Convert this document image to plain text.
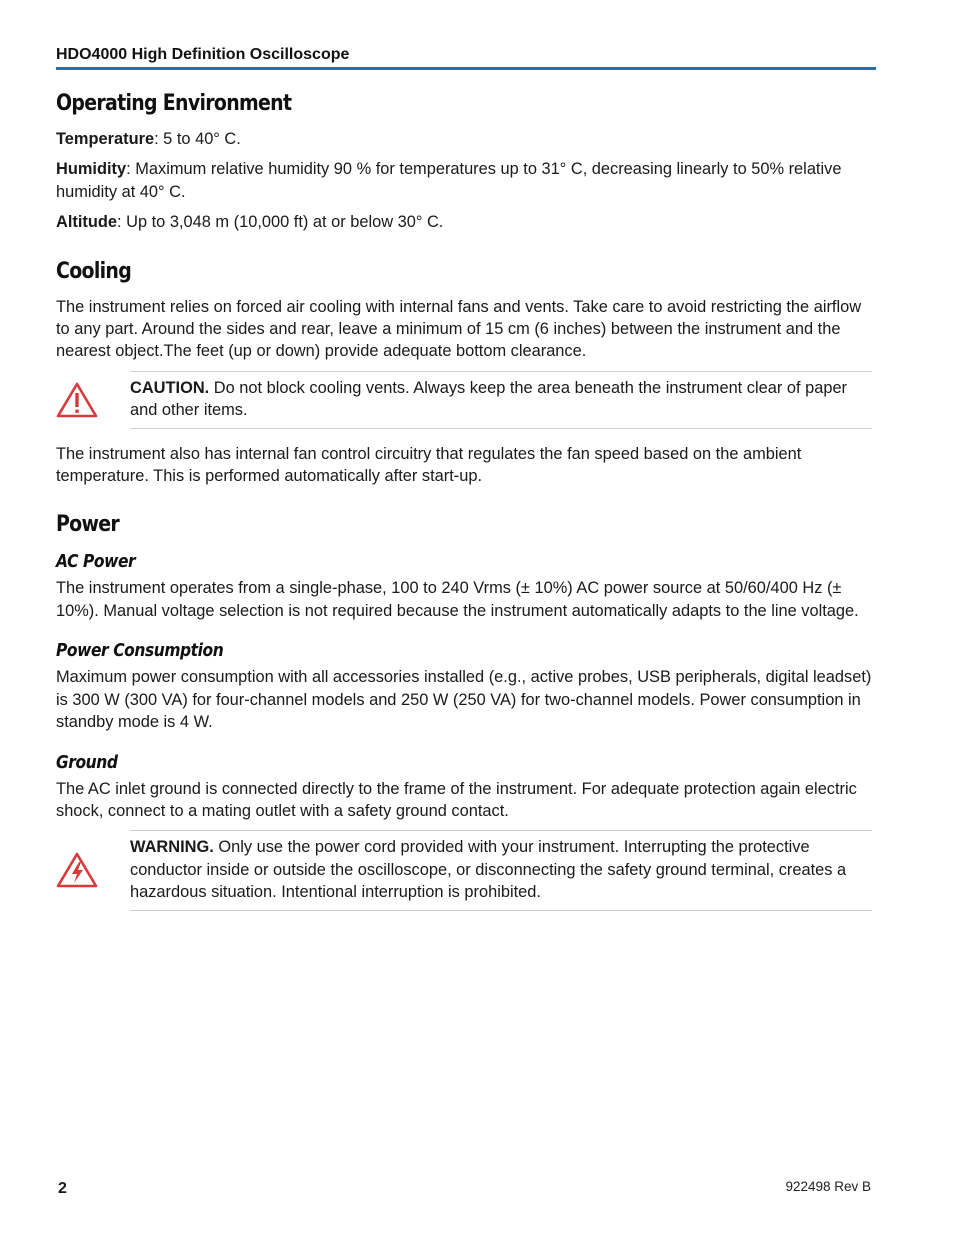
HDO4000 High Definition Oscilloscope
Operating Environment

Temperature: 5 to 40° C.

Humidity: Maximum relative humidity 90 % for temperatures up to 31° C, decreasing linearly to 50% relative humidity at 40° C.

Altitude: Up to 3,048 m (10,000 ft) at or below 30° C.

Cooling

The instrument relies on forced air cooling with internal fans and vents. Take care to avoid restricting the airflow to any part. Around the sides and rear, leave a minimum of 15 cm (6 inches) between the instrument and the nearest object.The feet (up or down) provide adequate bottom clearance.

CAUTION. Do not block cooling vents. Always keep the area beneath the instrument clear of paper and other items.

The instrument also has internal fan control circuitry that regulates the fan speed based on the ambient temperature. This is performed automatically after start-up.

Power
AC Power

The instrument operates from a single-phase, 100 to 240 Vrms (± 10%) AC power source at 50/60/400 Hz (± 10%). Manual voltage selection is not required because the instrument automatically adapts to the line voltage.

Power Consumption

Maximum power consumption with all accessories installed (e.g., active probes, USB peripherals, digital leadset) is 300 W (300 VA) for four-channel models and 250 W (250 VA) for two-channel models. Power consumption in standby mode is 4 W.

Ground

The AC inlet ground is connected directly to the frame of the instrument. For adequate protection again electric shock, connect to a mating outlet with a safety ground contact.

WARNING. Only use the power cord provided with your instrument. Interrupting the protective conductor inside or outside the oscilloscope, or disconnecting the safety ground terminal, creates a hazardous situation. Intentional interruption is prohibited.

2	922498 Rev B
